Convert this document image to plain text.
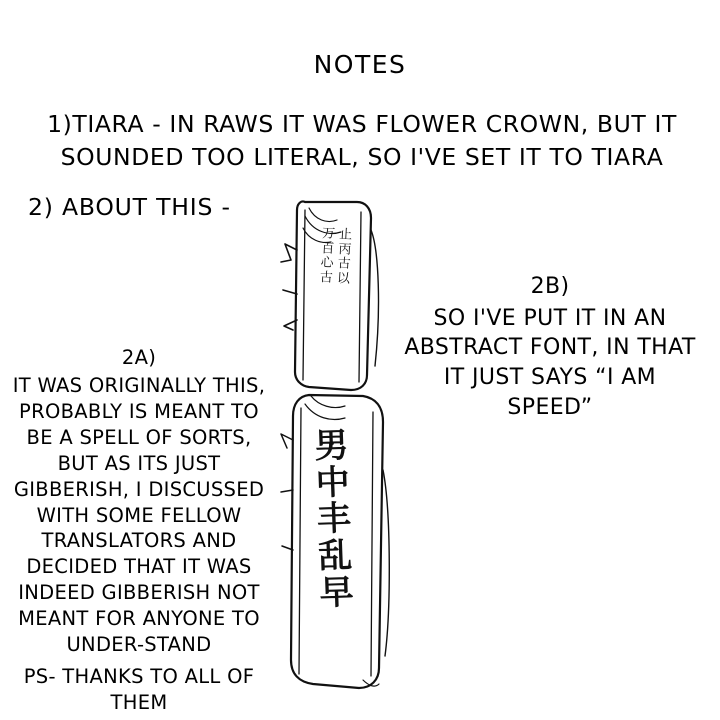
NOTES
1)TIARA - IN RAWS IT WAS FLOWER CROWN, BUT IT SOUNDED TOO LITERAL, SO I'VE SET IT TO TIARA
2) ABOUT THIS -
万 止 百 丙 心 古 古 以
男 中 丰 乱 早
2A)
IT WAS ORIGINALLY THIS, PROBABLY IS MEANT TO BE A SPELL OF SORTS, BUT AS ITS JUST GIBBERISH, I DISCUSSED WITH SOME FELLOW TRANSLATORS AND DECIDED THAT IT WAS INDEED GIBBERISH NOT MEANT FOR ANYONE TO UNDER-STAND
PS- THANKS TO ALL OF THEM
2B)
SO I'VE PUT IT IN AN ABSTRACT FONT, IN THAT IT JUST SAYS “I AM SPEED”
